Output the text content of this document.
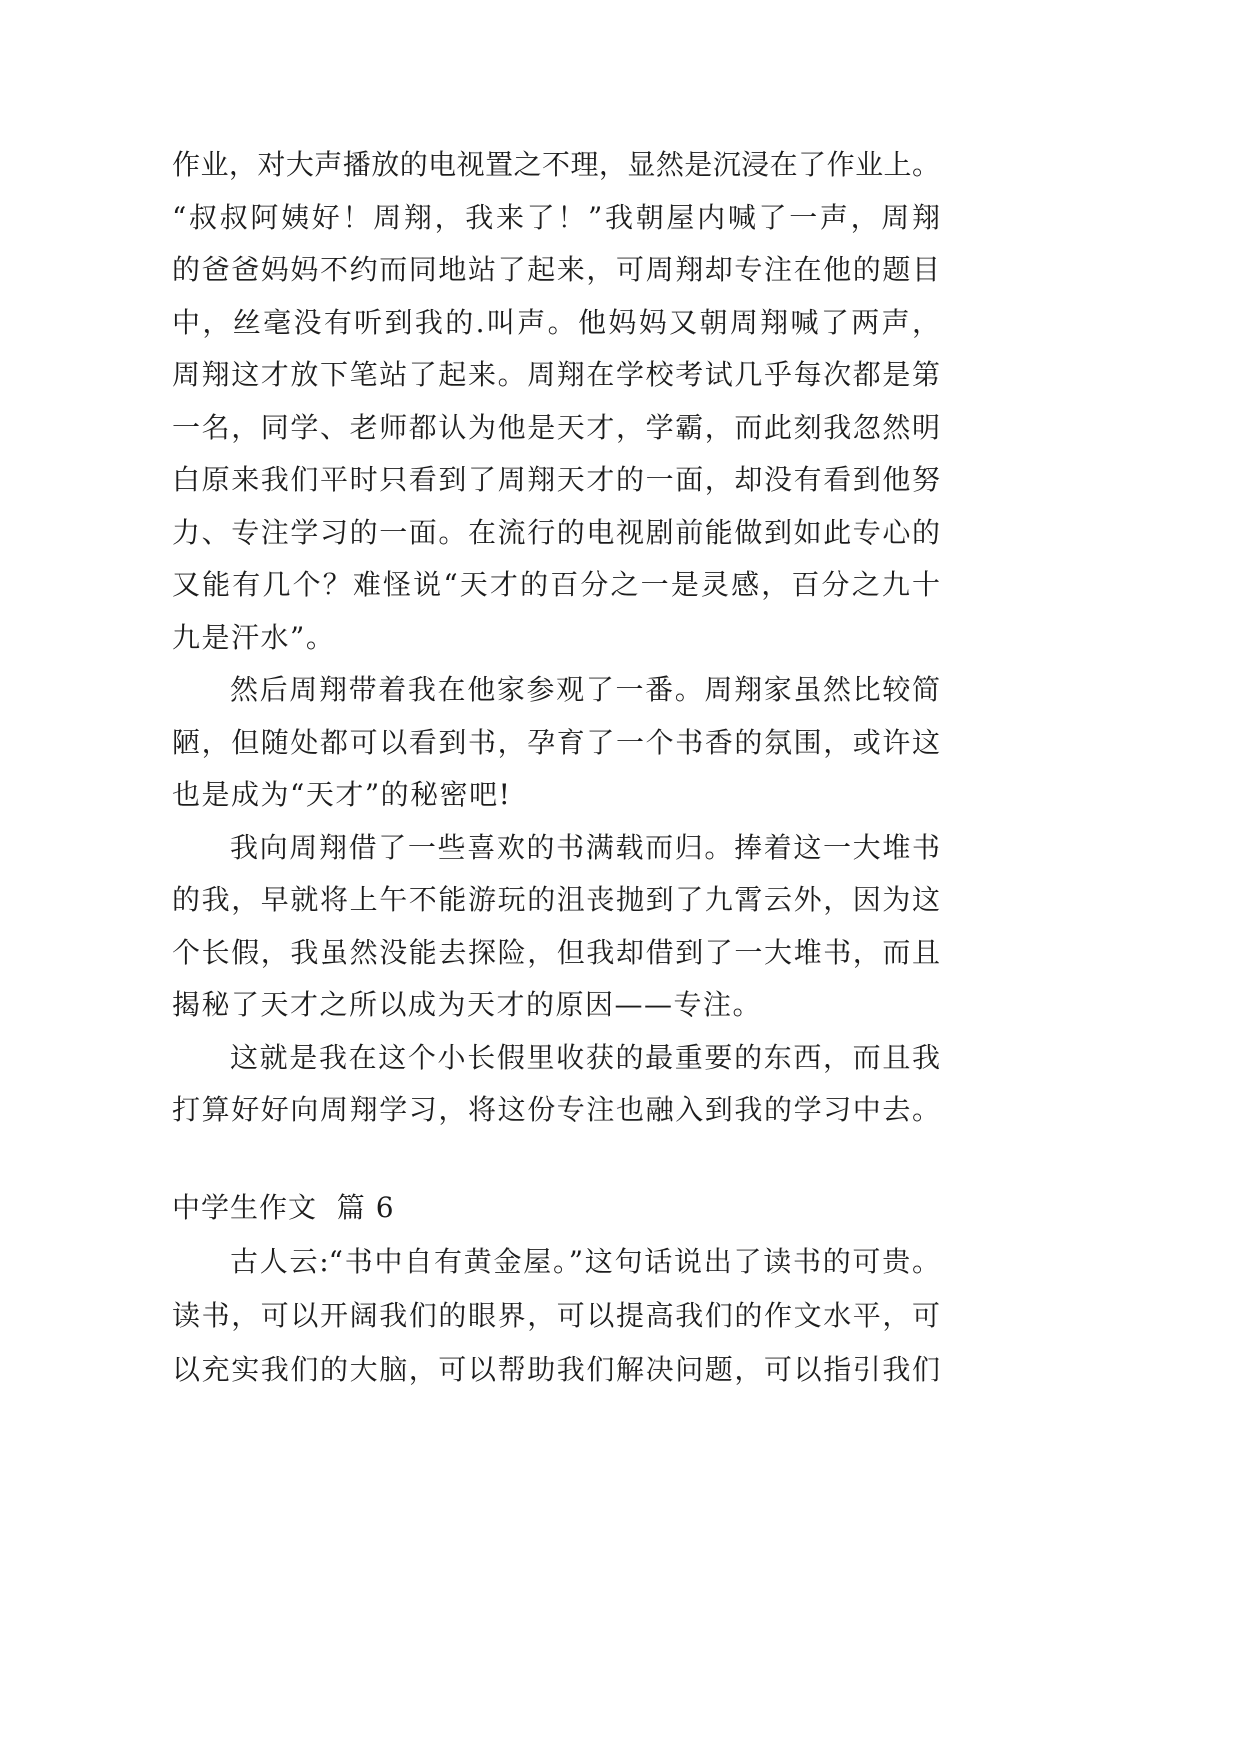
作业，对大声播放的电视置之不理，显然是沉浸在了作业上。
“叔叔阿姨好！周翔，我来了！”我朝屋内喊了一声，周翔
的爸爸妈妈不约而同地站了起来，可周翔却专注在他的题目
中，丝毫没有听到我的.叫声。他妈妈又朝周翔喊了两声，
周翔这才放下笔站了起来。周翔在学校考试几乎每次都是第
一名，同学、老师都认为他是天才，学霸，而此刻我忽然明
白原来我们平时只看到了周翔天才的一面，却没有看到他努
力、专注学习的一面。在流行的电视剧前能做到如此专心的
又能有几个？难怪说“天才的百分之一是灵感，百分之九十
九是汗水”。
然后周翔带着我在他家参观了一番。周翔家虽然比较简
陋，但随处都可以看到书，孕育了一个书香的氛围，或许这
也是成为“天才”的秘密吧!
我向周翔借了一些喜欢的书满载而归。捧着这一大堆书
的我，早就将上午不能游玩的沮丧抛到了九霄云外，因为这
个长假，我虽然没能去探险，但我却借到了一大堆书，而且
揭秘了天才之所以成为天才的原因——专注。
这就是我在这个小长假里收获的最重要的东西，而且我
打算好好向周翔学习，将这份专注也融入到我的学习中去。
中学生作文  篇 6
古人云:“书中自有黄金屋。”这句话说出了读书的可贵。
读书，可以开阔我们的眼界，可以提高我们的作文水平，可
以充实我们的大脑，可以帮助我们解决问题，可以指引我们
